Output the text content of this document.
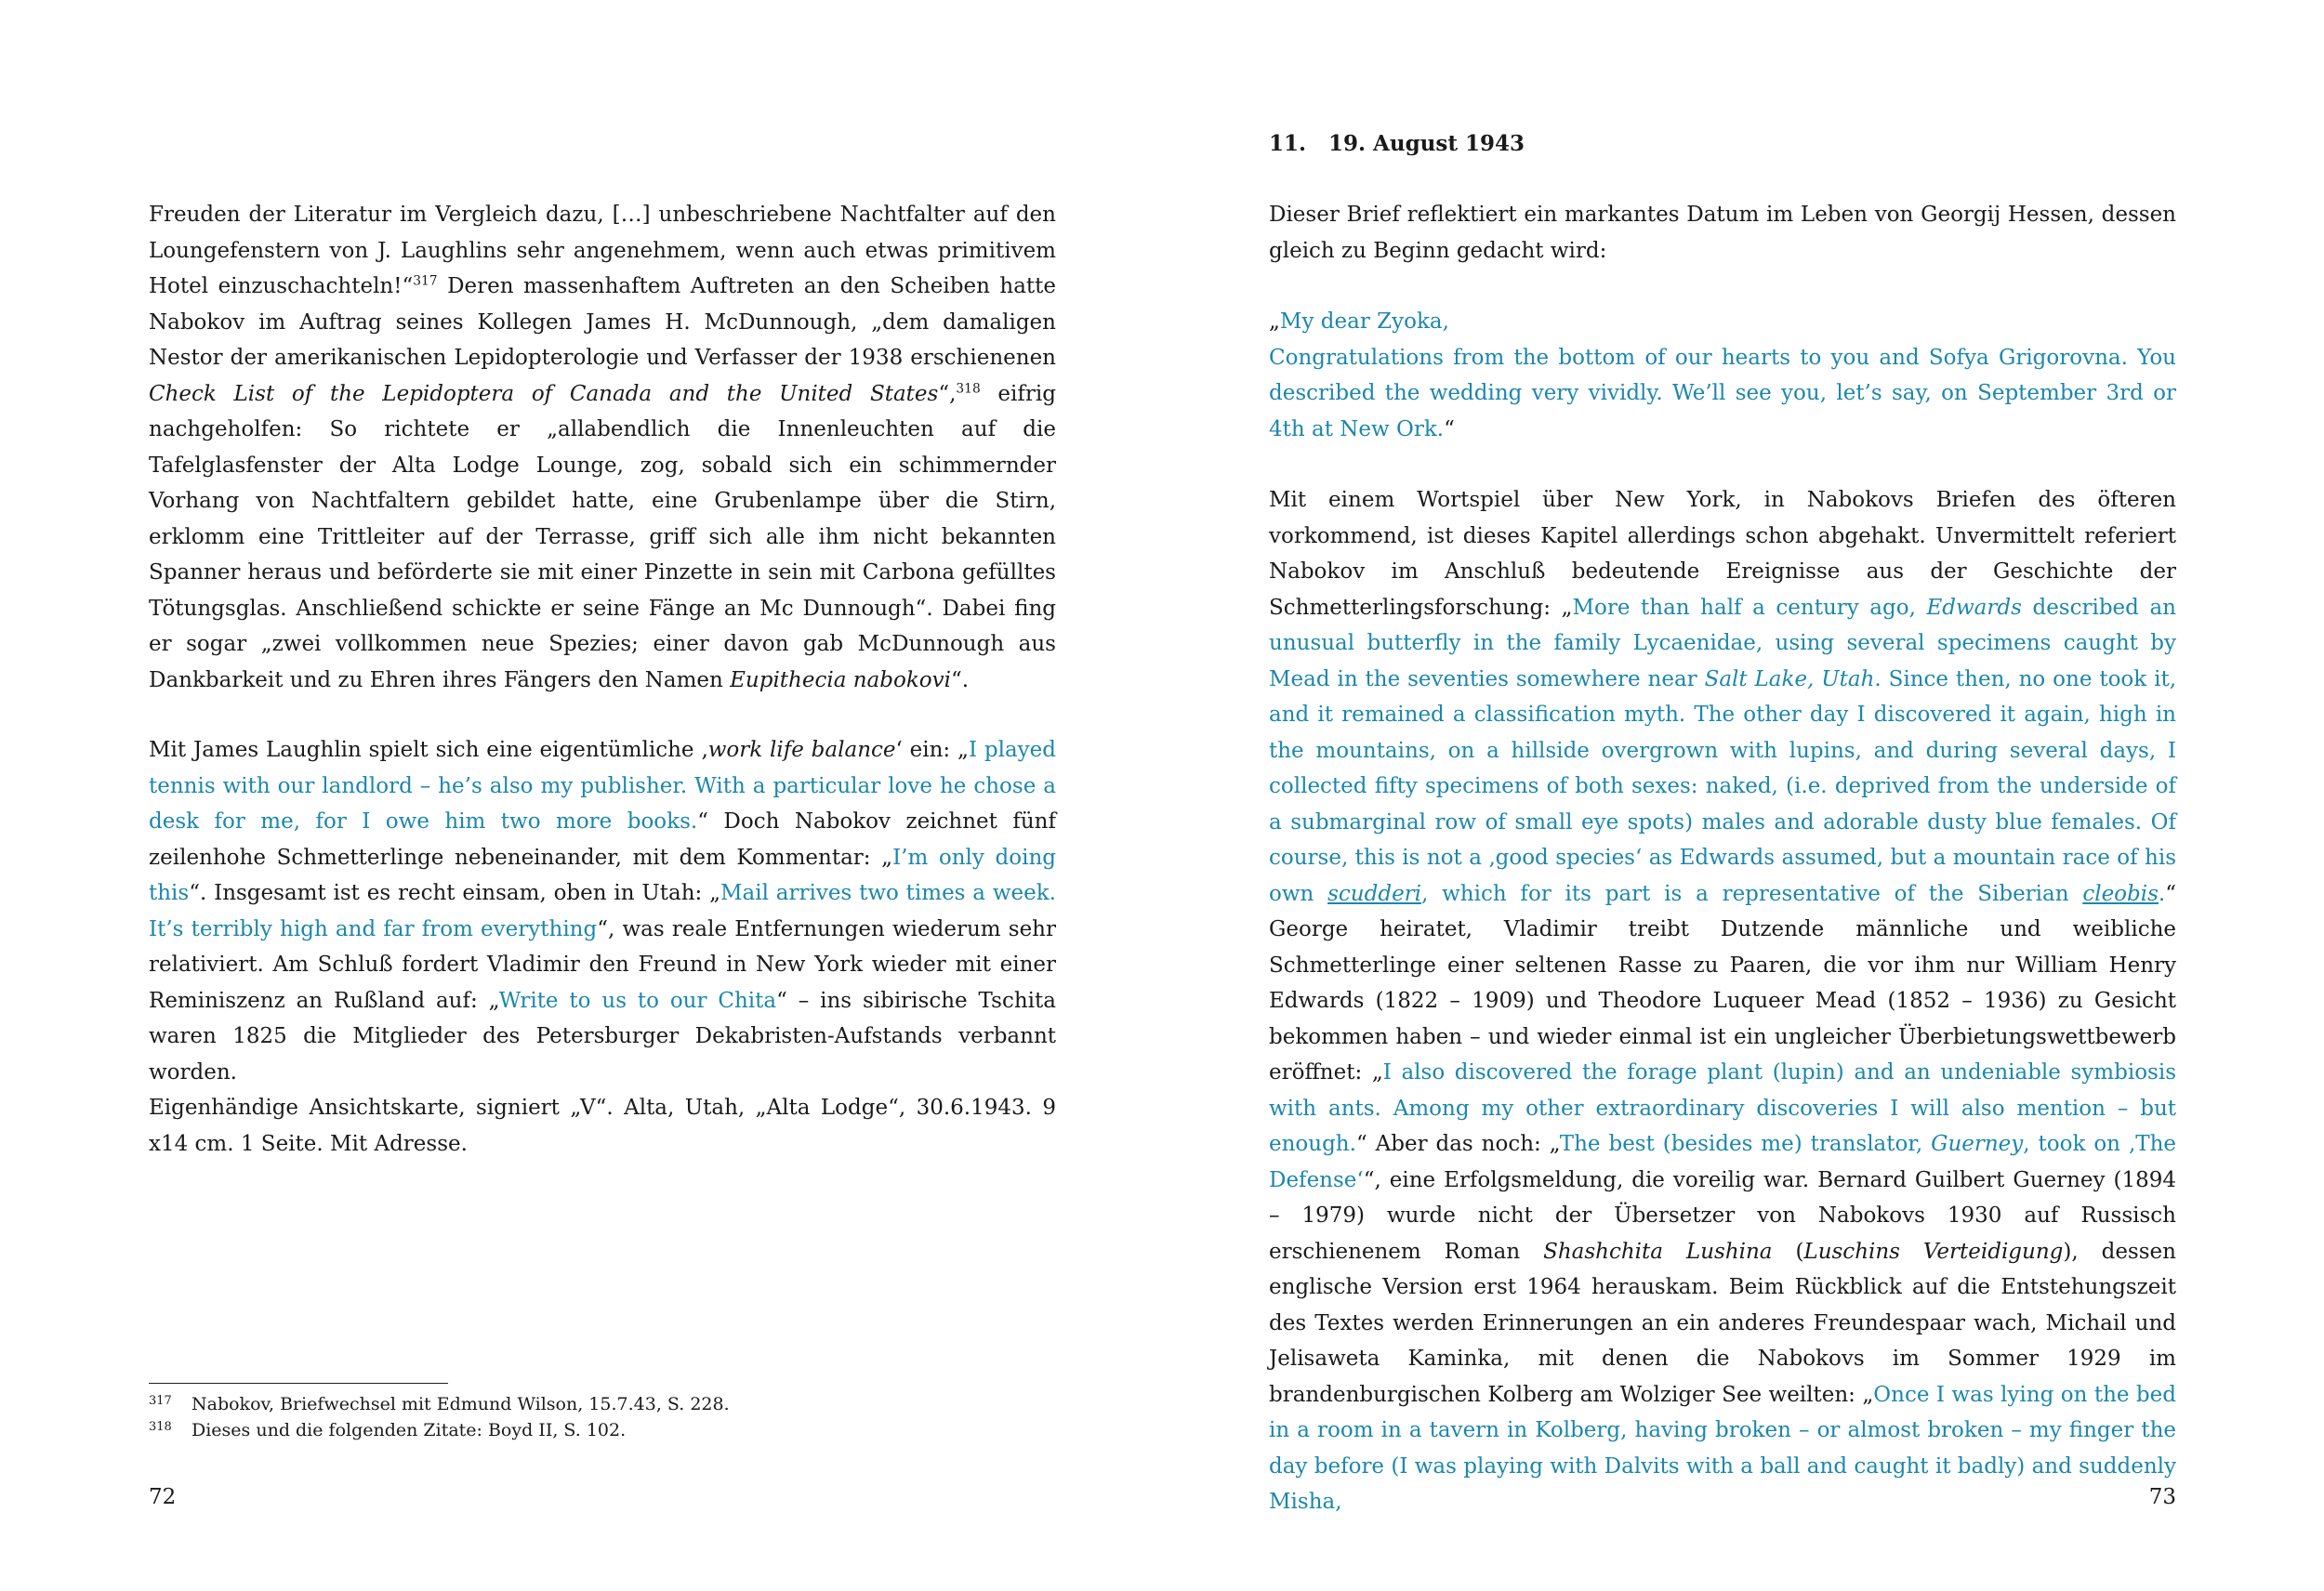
Freuden der Literatur im Vergleich dazu, […] unbeschriebene Nachtfalter auf den Loungefenstern von J. Laughlins sehr angenehmem, wenn auch etwas primitivem Hotel einzuschachteln!“$^{317}$ Deren massenhaftem Auftreten an den Scheiben hatte Nabokov im Auftrag seines Kollegen James H. McDunnough, „dem damaligen Nestor der amerikanischen Lepidopterologie und Verfasser der 1938 erschienenen Check List of the Lepidoptera of Canada and the United States“,$^{318}$ eifrig nachgeholfen: So richtete er „allabendlich die Innenleuchten auf die Tafelglasfenster der Alta Lodge Lounge, zog, sobald sich ein schimmernder Vorhang von Nachtfaltern gebildet hatte, eine Grubenlampe über die Stirn, erklomm eine Trittleiter auf der Terrasse, griff sich alle ihm nicht bekannten Spanner heraus und beförderte sie mit einer Pinzette in sein mit Carbona gefülltes Tötungsglas. Anschließend schickte er seine Fänge an Mc Dunnough“. Dabei fing er sogar „zwei vollkommen neue Spezies; einer davon gab McDunnough aus Dankbarkeit und zu Ehren ihres Fängers den Namen Eupithecia nabokovi“.

Mit James Laughlin spielt sich eine eigentümliche ‚work life balance‘ ein: „I played tennis with our landlord – he’s also my publisher. With a particular love he chose a desk for me, for I owe him two more books.“ Doch Nabokov zeichnet fünf zeilenhohe Schmetterlinge nebeneinander, mit dem Kommentar: „I’m only doing this“. Insgesamt ist es recht einsam, oben in Utah: „Mail arrives two times a week. It’s terribly high and far from everything“, was reale Entfernungen wiederum sehr relativiert. Am Schluß fordert Vladimir den Freund in New York wieder mit einer Reminiszenz an Rußland auf: „Write to us to our Chita“ – ins sibirische Tschita waren 1825 die Mitglieder des Petersburger Dekabristen-Aufstands verbannt worden.

Eigenhändige Ansichtskarte, signiert „V“. Alta, Utah, „Alta Lodge“, 30.6.1943. 9 x14 cm. 1 Seite. Mit Adresse.

317 Nabokov, Briefwechsel mit Edmund Wilson, 15.7.43, S. 228.

318 Dieses und die folgenden Zitate: Boyd II, S. 102.

72

11. 19. August 1943

Dieser Brief reflektiert ein markantes Datum im Leben von Georgij Hessen, dessen gleich zu Beginn gedacht wird:

„My dear Zyoka,

Congratulations from the bottom of our hearts to you and Sofya Grigorovna. You described the wedding very vividly. We’ll see you, let’s say, on September 3rd or 4th at New Ork.“

Mit einem Wortspiel über New York, in Nabokovs Briefen des öfteren vorkommend, ist dieses Kapitel allerdings schon abgehakt. Unvermittelt referiert Nabokov im Anschluß bedeutende Ereignisse aus der Geschichte der Schmetterlingsforschung: „More than half a century ago, Edwards described an unusual butterfly in the family Lycaenidae, using several specimens caught by Mead in the seventies somewhere near Salt Lake, Utah. Since then, no one took it, and it remained a classification myth. The other day I discovered it again, high in the mountains, on a hillside overgrown with lupins, and during several days, I collected fifty specimens of both sexes: naked, (i.e. deprived from the underside of a submarginal row of small eye spots) males and adorable dusty blue females. Of course, this is not a ‚good species‘ as Edwards assumed, but a mountain race of his own scudderi, which for its part is a representative of the Siberian cleobis.“ George heiratet, Vladimir treibt Dutzende männliche und weibliche Schmetterlinge einer seltenen Rasse zu Paaren, die vor ihm nur William Henry Edwards (1822 – 1909) und Theodore Luqueer Mead (1852 – 1936) zu Gesicht bekommen haben – und wieder einmal ist ein ungleicher Überbietungswettbewerb eröffnet: „I also discovered the forage plant (lupin) and an undeniable symbiosis with ants. Among my other extraordinary discoveries I will also mention – but enough.“ Aber das noch: „The best (besides me) translator, Guerney, took on ‚The Defense‘“, eine Erfolgsmeldung, die voreilig war. Bernard Guilbert Guerney (1894 – 1979) wurde nicht der Übersetzer von Nabokovs 1930 auf Russisch erschienenem Roman Shashchita Lushina (Luschins Verteidigung), dessen englische Version erst 1964 herauskam. Beim Rückblick auf die Entstehungszeit des Textes werden Erinnerungen an ein anderes Freundespaar wach, Michail und Jelisaweta Kaminka, mit denen die Nabokovs im Sommer 1929 im brandenburgischen Kolberg am Wolziger See weilten: „Once I was lying on the bed in a room in a tavern in Kolberg, having broken – or almost broken – my finger the day before (I was playing with Dalvits with a ball and caught it badly) and suddenly Misha,	73
